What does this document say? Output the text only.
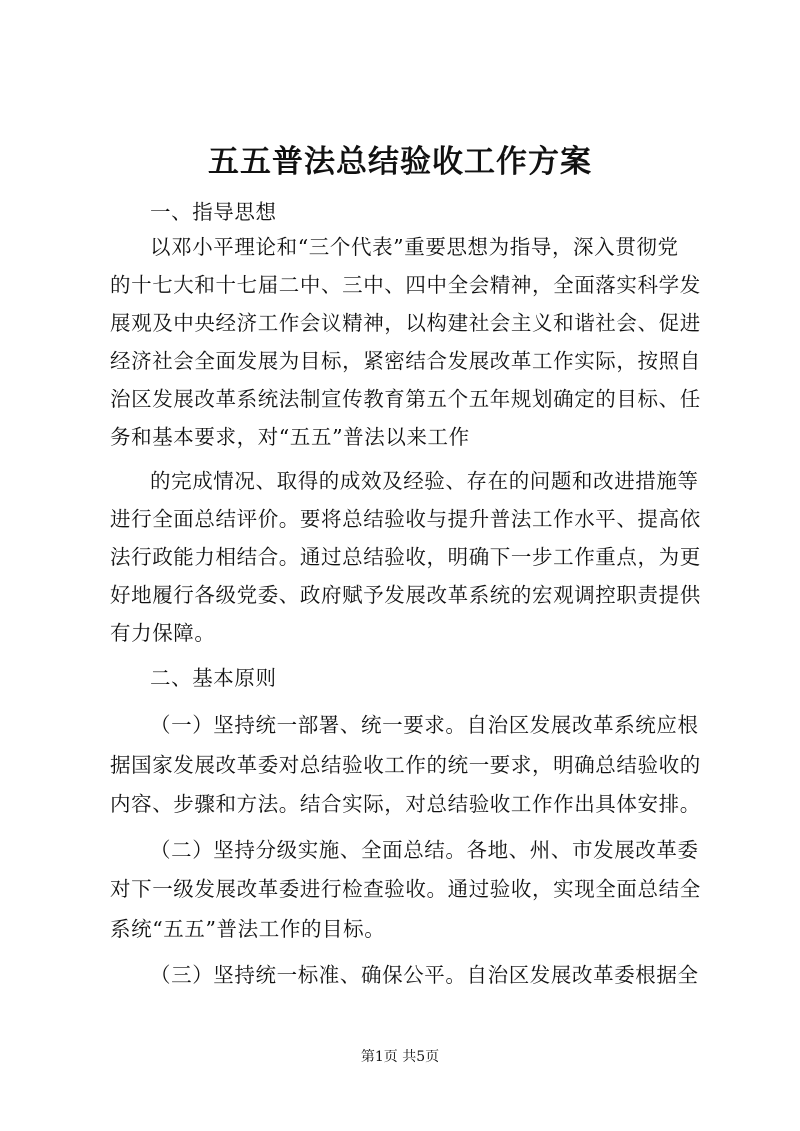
五五普法总结验收工作方案
一、指导思想
以邓小平理论和“三个代表”重要思想为指导，深入贯彻党
的十七大和十七届二中、三中、四中全会精神，全面落实科学发
展观及中央经济工作会议精神，以构建社会主义和谐社会、促进
经济社会全面发展为目标，紧密结合发展改革工作实际，按照自
治区发展改革系统法制宣传教育第五个五年规划确定的目标、任
务和基本要求，对“五五”普法以来工作
的完成情况、取得的成效及经验、存在的问题和改进措施等
进行全面总结评价。要将总结验收与提升普法工作水平、提高依
法行政能力相结合。通过总结验收，明确下一步工作重点，为更
好地履行各级党委、政府赋予发展改革系统的宏观调控职责提供
有力保障。
二、基本原则
（一）坚持统一部署、统一要求。自治区发展改革系统应根
据国家发展改革委对总结验收工作的统一要求，明确总结验收的
内容、步骤和方法。结合实际，对总结验收工作作出具体安排。
（二）坚持分级实施、全面总结。各地、州、市发展改革委
对下一级发展改革委进行检查验收。通过验收，实现全面总结全
系统“五五”普法工作的目标。
（三）坚持统一标准、确保公平。自治区发展改革委根据全
第1页 共5页
